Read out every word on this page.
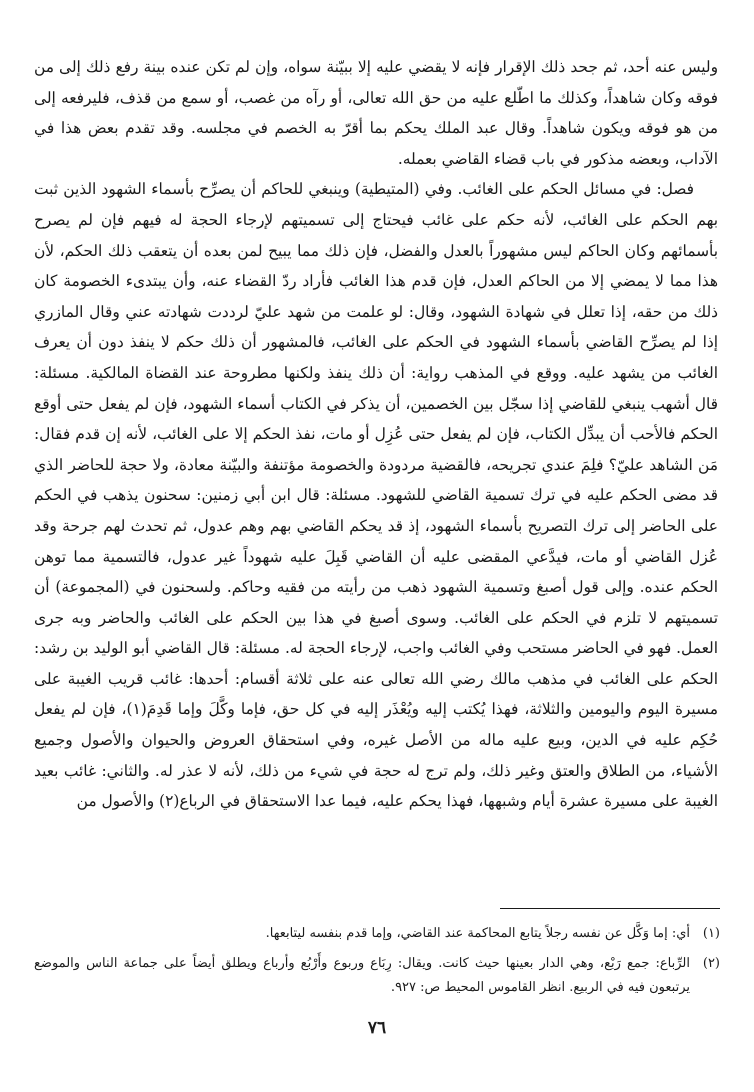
وليس عنه أحد، ثم جحد ذلك الإقرار فإنه لا يقضي عليه إلا ببيّنة سواه، وإن لم تكن عنده بينة رفع ذلك إلى من فوقه وكان شاهداً، وكذلك ما اطّلع عليه من حق الله تعالى، أو رآه من غصب، أو سمع من قذف، فليرفعه إلى من هو فوقه ويكون شاهداً. وقال عبد الملك يحكم بما أقرّ به الخصم في مجلسه. وقد تقدم بعض هذا في الآداب، وبعضه مذكور في باب قضاء القاضي بعمله.

فصل: في مسائل الحكم على الغائب. وفي (المتيطية) وينبغي للحاكم أن يصرِّح بأسماء الشهود الذين ثبت بهم الحكم على الغائب، لأنه حكم على غائب فيحتاج إلى تسميتهم لإرجاء الحجة له فيهم فإن لم يصرح بأسمائهم وكان الحاكم ليس مشهوراً بالعدل والفضل، فإن ذلك مما يبيح لمن بعده أن يتعقب ذلك الحكم، لأن هذا مما لا يمضي إلا من الحاكم العدل، فإن قدم هذا الغائب فأراد ردّ القضاء عنه، وأن يبتدىء الخصومة كان ذلك من حقه، إذا تعلل في شهادة الشهود، وقال: لو علمت من شهد عليّ لرددت شهادته عني وقال المازري إذا لم يصرِّح القاضي بأسماء الشهود في الحكم على الغائب، فالمشهور أن ذلك حكم لا ينفذ دون أن يعرف الغائب من يشهد عليه. ووقع في المذهب رواية: أن ذلك ينفذ ولكنها مطروحة عند القضاة المالكية. مسئلة: قال أشهب ينبغي للقاضي إذا سجّل بين الخصمين، أن يذكر في الكتاب أسماء الشهود، فإن لم يفعل حتى أوقع الحكم فالأحب أن يبدِّل الكتاب، فإن لم يفعل حتى عُزِل أو مات، نفذ الحكم إلا على الغائب، لأنه إن قدم فقال: مَن الشاهد عليّ؟ فلِمَ عندي تجريحه، فالقضية مردودة والخصومة مؤتنفة والبيّنة معادة، ولا حجة للحاضر الذي قد مضى الحكم عليه في ترك تسمية القاضي للشهود. مسئلة: قال ابن أبي زمنين: سحنون يذهب في الحكم على الحاضر إلى ترك التصريح بأسماء الشهود، إذ قد يحكم القاضي بهم وهم عدول، ثم تحدث لهم جرحة وقد عُزل القاضي أو مات، فيدَّعي المقضى عليه أن القاضي قَبِلَ عليه شهوداً غير عدول، فالتسمية مما توهن الحكم عنده. وإلى قول أصبغ وتسمية الشهود ذهب من رأيته من فقيه وحاكم. ولسحنون في (المجموعة) أن تسميتهم لا تلزم في الحكم على الغائب. وسوى أصبغ في هذا بين الحكم على الغائب والحاضر وبه جرى العمل. فهو في الحاضر مستحب وفي الغائب واجب، لإرجاء الحجة له. مسئلة: قال القاضي أبو الوليد بن رشد: الحكم على الغائب في مذهب مالك رضي الله تعالى عنه على ثلاثة أقسام: أحدها: غائب قريب الغيبة على مسيرة اليوم واليومين والثلاثة، فهذا يُكتب إليه ويُعْذَر إليه في كل حق، فإما وكَّلَ وإما قَدِمَ(١)، فإن لم يفعل حُكِم عليه في الدين، وبيع عليه ماله من الأصل غيره، وفي استحقاق العروض والحيوان والأصول وجميع الأشياء، من الطلاق والعتق وغير ذلك، ولم ترج له حجة في شيء من ذلك، لأنه لا عذر له. والثاني: غائب بعيد الغيبة على مسيرة عشرة أيام وشبهها، فهذا يحكم عليه، فيما عدا الاستحقاق في الرباع(٢) والأصول من

(١)
أي: إما وَكَّل عن نفسه رجلاً يتابع المحاكمة عند القاضي، وإما قدم بنفسه ليتابعها.
(٢)
الرِّباع: جمع رَبْع، وهي الدار بعينها حيث كانت. ويقال: رِبَاع وربوع وأَرْبُع وأرباع ويطلق أيضاً على جماعة الناس والموضع يرتبعون فيه في الربيع. انظر القاموس المحيط ص: ٩٢٧.
٧٦
